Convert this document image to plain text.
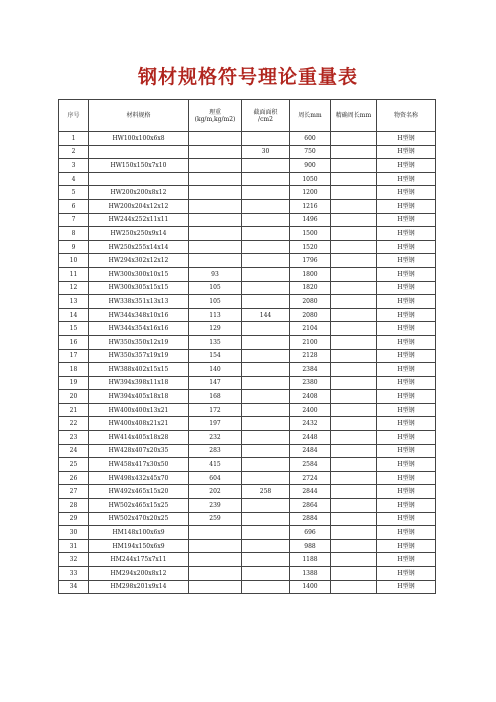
钢材规格符号理论重量表
序号	材料规格	理重(kg/m,kg/m2)	截面面积
/cm2	周长mm	精确周长mm	物资名称
1	HW100x100x6x8			600		H型钢
2			30	750		H型钢
3	HW150x150x7x10			900		H型钢
4				1050		H型钢
5	HW200x200x8x12			1200		H型钢
6	HW200x204x12x12			1216		H型钢
7	HW244x252x11x11			1496		H型钢
8	HW250x250x9x14			1500		H型钢
9	HW250x255x14x14			1520		H型钢
10	HW294x302x12x12			1796		H型钢
11	HW300x300x10x15	93		1800		H型钢
12	HW300x305x15x15	105		1820		H型钢
13	HW338x351x13x13	105		2080		H型钢
14	HW344x348x10x16	113	144	2080		H型钢
15	HW344x354x16x16	129		2104		H型钢
16	HW350x350x12x19	135		2100		H型钢
17	HW350x357x19x19	154		2128		H型钢
18	HW388x402x15x15	140		2384		H型钢
19	HW394x398x11x18	147		2380		H型钢
20	HW394x405x18x18	168		2408		H型钢
21	HW400x400x13x21	172		2400		H型钢
22	HW400x408x21x21	197		2432		H型钢
23	HW414x405x18x28	232		2448		H型钢
24	HW428x407x20x35	283		2484		H型钢
25	HW458x417x30x50	415		2584		H型钢
26	HW498x432x45x70	604		2724		H型钢
27	HW492x465x15x20	202	258	2844		H型钢
28	HW502x465x15x25	239		2864		H型钢
29	HW502x470x20x25	259		2884		H型钢
30	HM148x100x6x9			696		H型钢
31	HM194x150x6x9			988		H型钢
32	HM244x175x7x11			1188		H型钢
33	HM294x200x8x12			1388		H型钢
34	HM298x201x9x14			1400		H型钢
